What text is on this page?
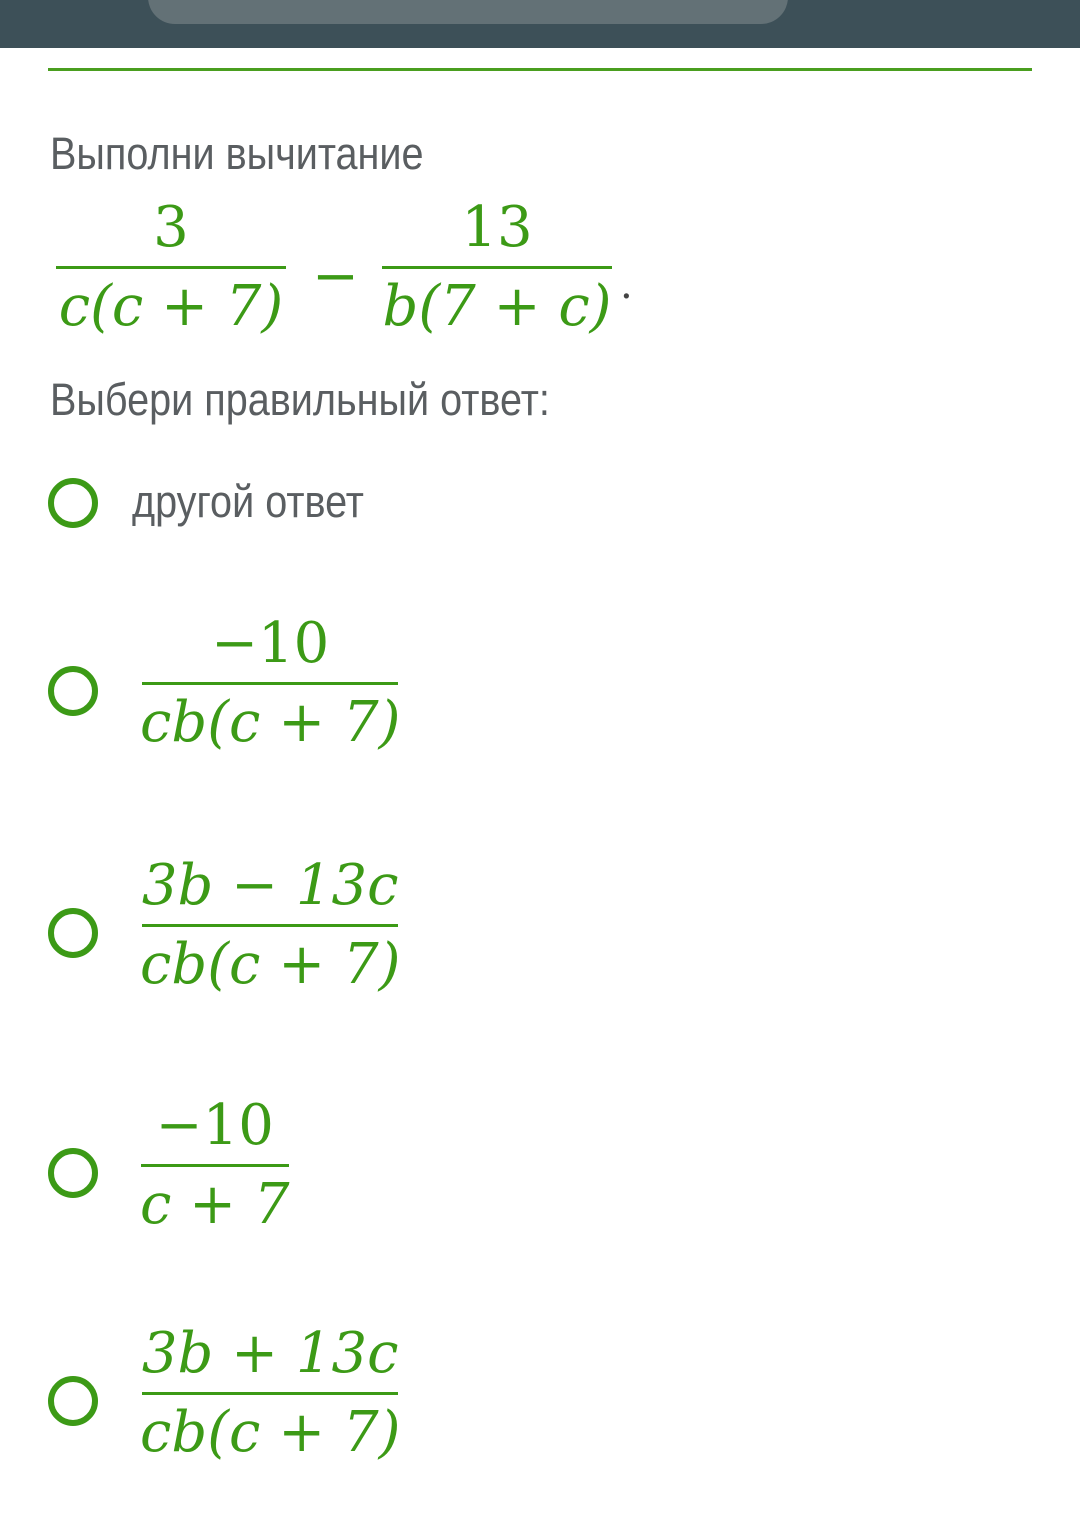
Выполни вычитание
3
c(c + 7) −
13
b(7 + c) .
Выбери правильный ответ:
другой ответ
−10
cb(c + 7)
3b − 13c
cb(c + 7)
−10
c + 7
3b + 13c
cb(c + 7)
